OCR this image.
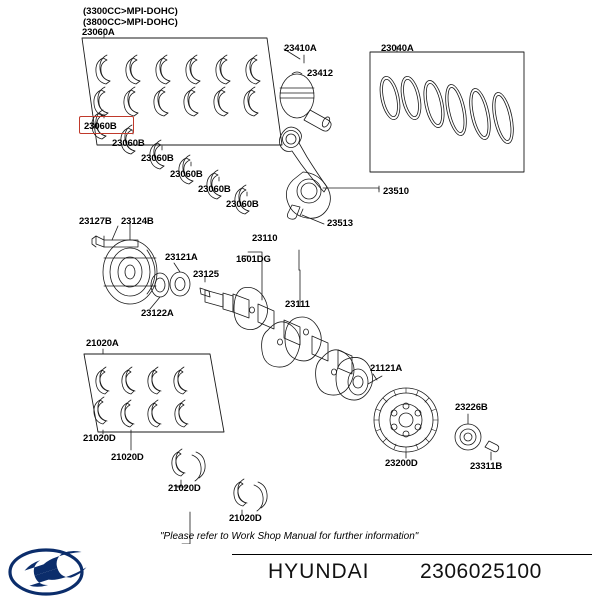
(3300CC>MPI-DOHC)
(3800CC>MPI-DOHC)
23060A
23060B
23060B
23060B
23060B
23060B
23060B
23410A
23412
23040A
23510
23513
23127B 23124B
23121A
23125
1601DG
23110
23111
23122A
21020A
21020D
21020D
21020D
21020D
21121A
23226B
23200D	23311B
"Please refer to Work Shop Manual for further information"
HYUNDAI 2306025100
